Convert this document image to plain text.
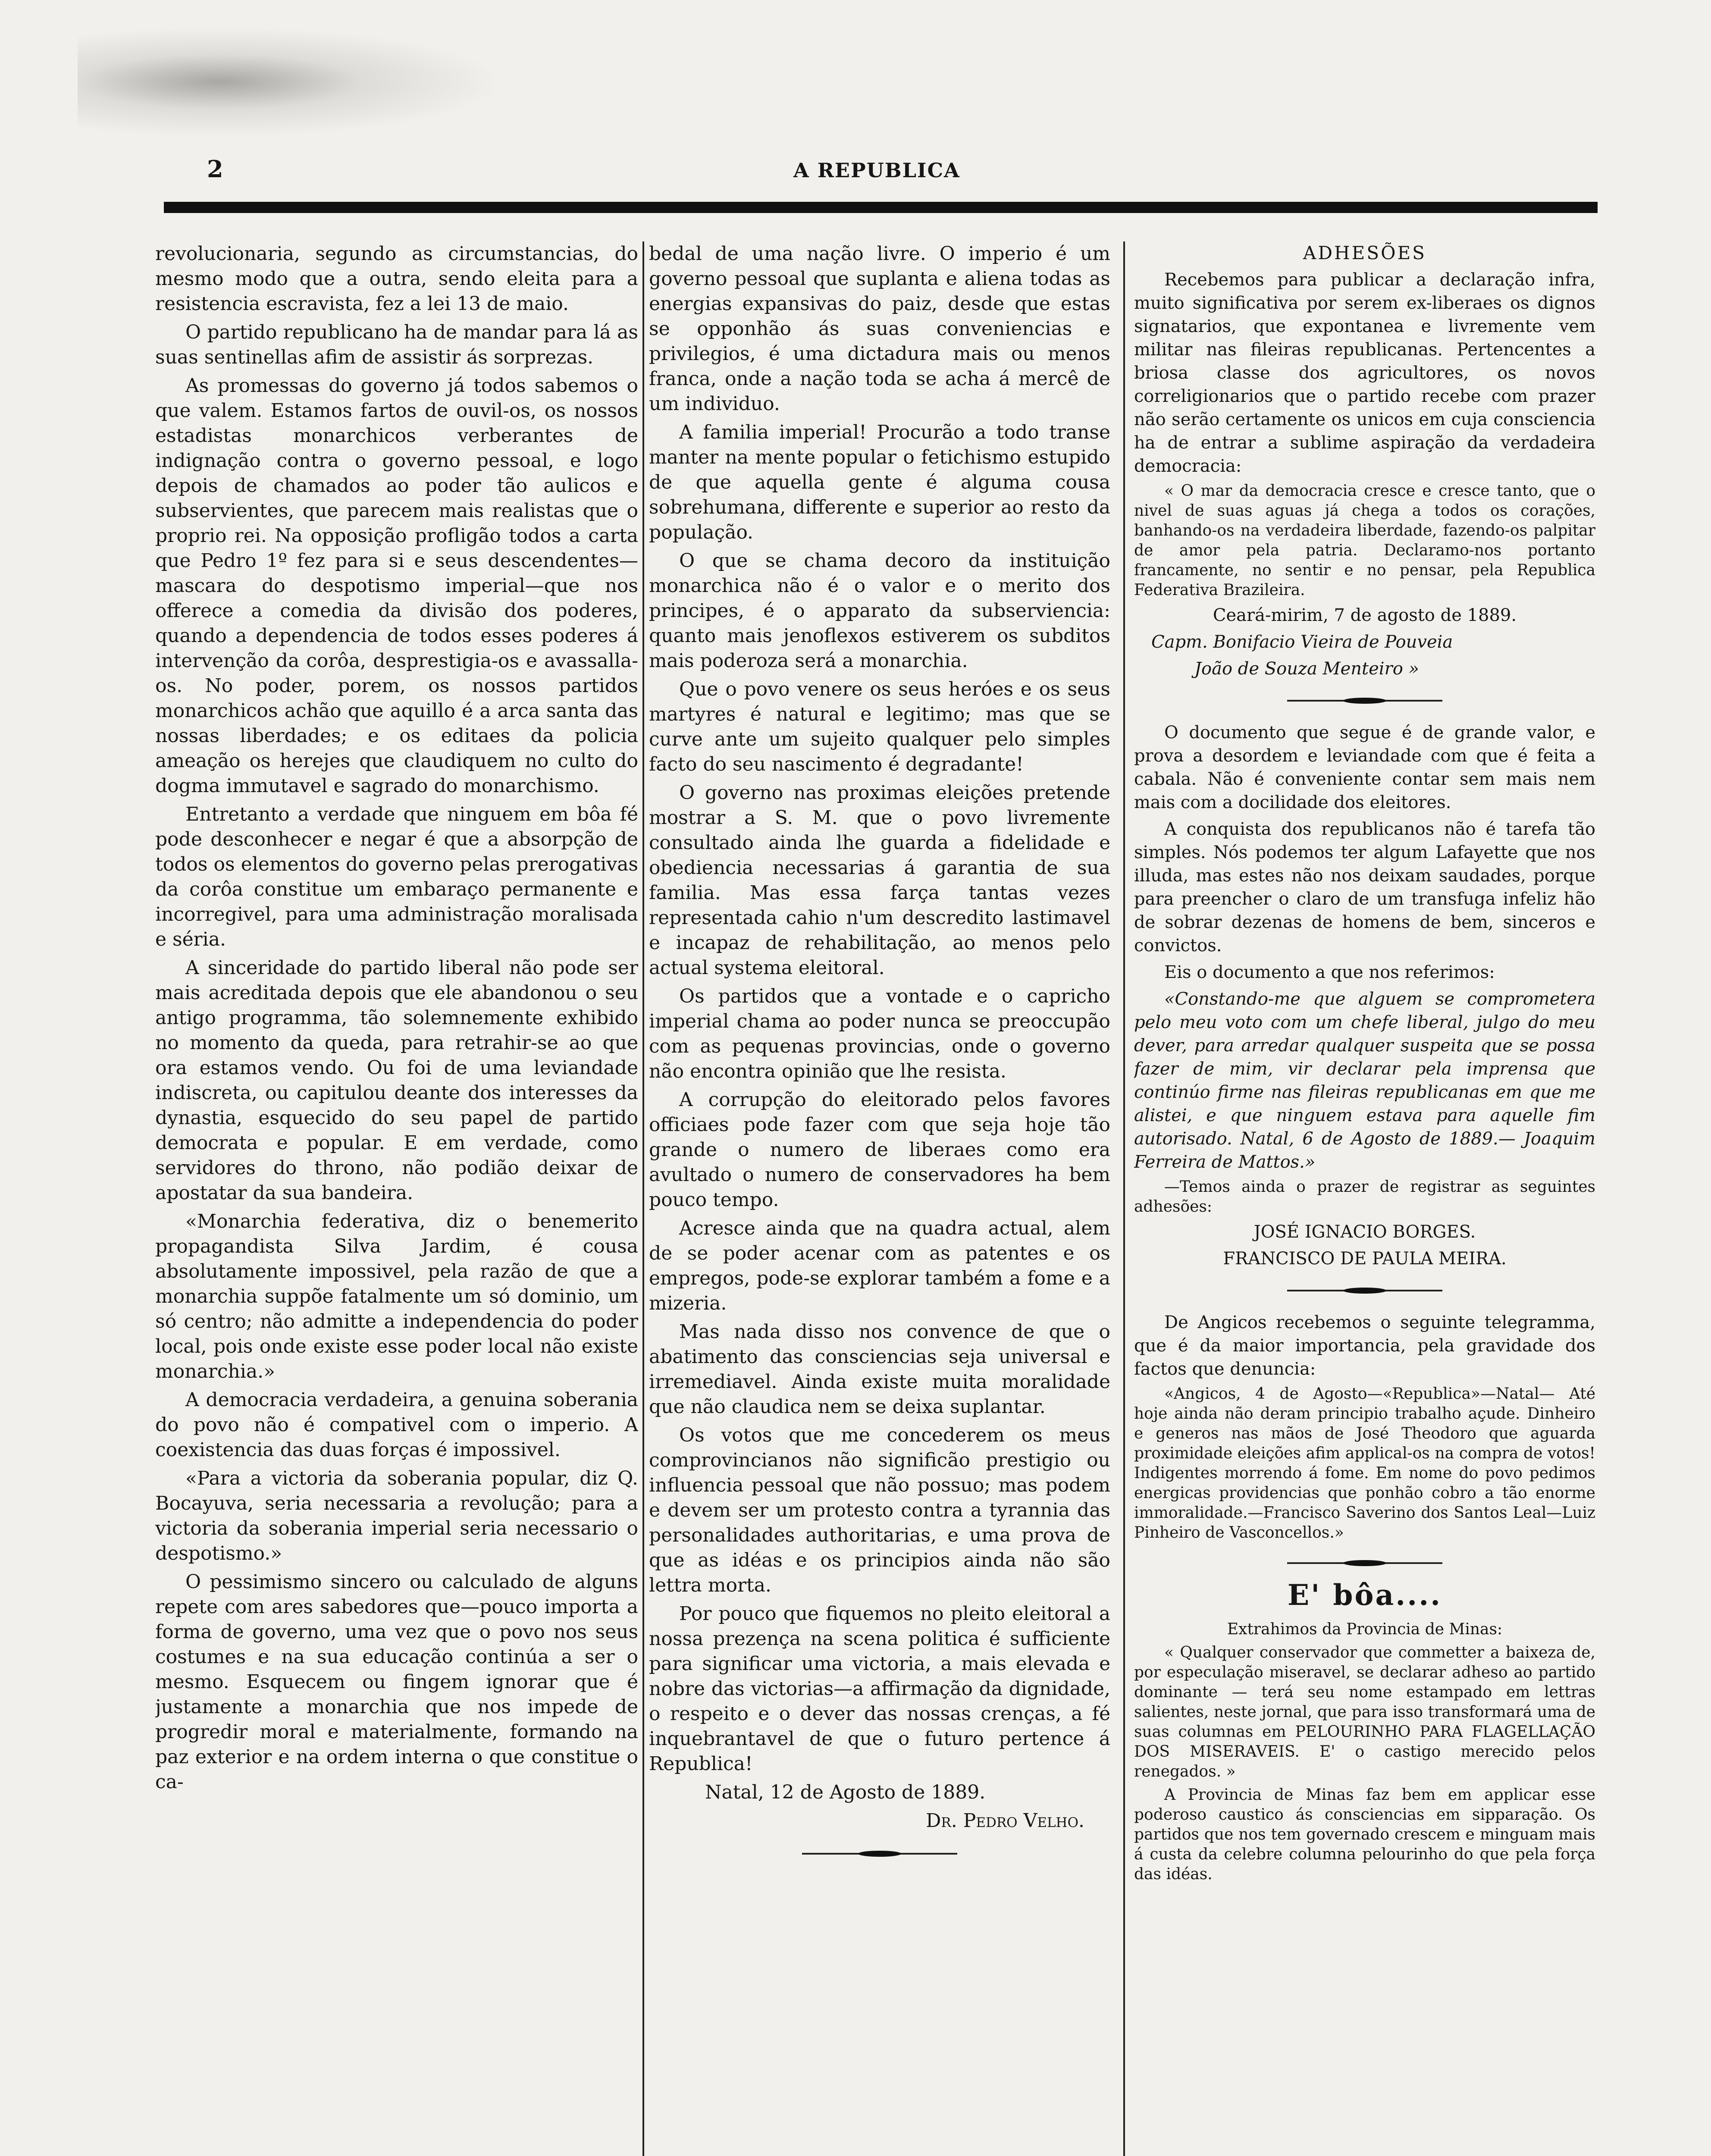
2	A REPUBLICA

revolucionaria, segundo as circumstancias, do mesmo modo que a outra, sendo eleita para a resistencia escravista, fez a lei 13 de maio.

O partido republicano ha de mandar para lá as suas sentinellas afim de assistir ás sorprezas.

As promessas do governo já todos sabemos o que valem. Estamos fartos de ouvil-os, os nossos estadistas monarchicos verberantes de indignação contra o governo pessoal, e logo depois de chamados ao poder tão aulicos e subservientes, que parecem mais realistas que o proprio rei. Na opposição profligão todos a carta que Pedro 1º fez para si e seus descendentes—mascara do despotismo imperial—que nos offerece a comedia da divisão dos poderes, quando a dependencia de todos esses poderes á intervenção da corôa, desprestigia-os e avassalla-os. No poder, porem, os nossos partidos monarchicos achão que aquillo é a arca santa das nossas liberdades; e os editaes da policia ameação os herejes que claudiquem no culto do dogma immutavel e sagrado do monarchismo.

Entretanto a verdade que ninguem em bôa fé pode desconhecer e negar é que a absorpção de todos os elementos do governo pelas prerogativas da corôa constitue um embaraço permanente e incorregivel, para uma administração moralisada e séria.

A sinceridade do partido liberal não pode ser mais acreditada depois que ele abandonou o seu antigo programma, tão solemnemente exhibido no momento da queda, para retrahir-se ao que ora estamos vendo. Ou foi de uma leviandade indiscreta, ou capitulou deante dos interesses da dynastia, esquecido do seu papel de partido democrata e popular. E em verdade, como servidores do throno, não podião deixar de apostatar da sua bandeira.

«Monarchia federativa, diz o benemerito propagandista Silva Jardim, é cousa absolutamente impossivel, pela razão de que a monarchia suppõe fatalmente um só dominio, um só centro; não admitte a independencia do poder local, pois onde existe esse poder local não existe monarchia.»

A democracia verdadeira, a genuina soberania do povo não é compativel com o imperio. A coexistencia das duas forças é impossivel.

«Para a victoria da soberania popular, diz Q. Bocayuva, seria necessaria a revolução; para a victoria da soberania imperial seria necessario o despotismo.»

O pessimismo sincero ou calculado de alguns repete com ares sabedores que—pouco importa a forma de governo, uma vez que o povo nos seus costumes e na sua educação continúa a ser o mesmo. Esquecem ou fingem ignorar que é justamente a monarchia que nos impede de progredir moral e materialmente, formando na paz exterior e na ordem interna o que constitue o ca-

bedal de uma nação livre. O imperio é um governo pessoal que suplanta e aliena todas as energias expansivas do paiz, desde que estas se opponhão ás suas conveniencias e privilegios, é uma dictadura mais ou menos franca, onde a nação toda se acha á mercê de um individuo.

A familia imperial! Procurão a todo transe manter na mente popular o fetichismo estupido de que aquella gente é alguma cousa sobrehumana, differente e superior ao resto da população.

O que se chama decoro da instituição monarchica não é o valor e o merito dos principes, é o apparato da subserviencia: quanto mais jenoflexos estiverem os subditos mais poderoza será a monarchia.

Que o povo venere os seus heróes e os seus martyres é natural e legitimo; mas que se curve ante um sujeito qualquer pelo simples facto do seu nascimento é degradante!

O governo nas proximas eleições pretende mostrar a S. M. que o povo livremente consultado ainda lhe guarda a fidelidade e obediencia necessarias á garantia de sua familia. Mas essa farça tantas vezes representada cahio n'um descredito lastimavel e incapaz de rehabilitação, ao menos pelo actual systema eleitoral.

Os partidos que a vontade e o capricho imperial chama ao poder nunca se preoccupão com as pequenas provincias, onde o governo não encontra opinião que lhe resista.

A corrupção do eleitorado pelos favores officiaes pode fazer com que seja hoje tão grande o numero de liberaes como era avultado o numero de conservadores ha bem pouco tempo.

Acresce ainda que na quadra actual, alem de se poder acenar com as patentes e os empregos, pode-se explorar também a fome e a mizeria.

Mas nada disso nos convence de que o abatimento das consciencias seja universal e irremediavel. Ainda existe muita moralidade que não claudica nem se deixa suplantar.

Os votos que me concederem os meus comprovincianos não significão prestigio ou influencia pessoal que não possuo; mas podem e devem ser um protesto contra a tyrannia das personalidades authoritarias, e uma prova de que as idéas e os principios ainda não são lettra morta.

Por pouco que fiquemos no pleito eleitoral a nossa prezença na scena politica é sufficiente para significar uma victoria, a mais elevada e nobre das victorias—a affirmação da dignidade, o respeito e o dever das nossas crenças, a fé inquebrantavel de que o futuro pertence á Republica!

Natal, 12 de Agosto de 1889.

Dr. Pedro Velho.

ADHESÕES

Recebemos para publicar a declaração infra, muito significativa por serem ex-liberaes os dignos signatarios, que expontanea e livremente vem militar nas fileiras republicanas. Pertencentes a briosa classe dos agricultores, os novos correligionarios que o partido recebe com prazer não serão certamente os unicos em cuja consciencia ha de entrar a sublime aspiração da verdadeira democracia:

« O mar da democracia cresce e cresce tanto, que o nivel de suas aguas já chega a todos os corações, banhando-os na verdadeira liberdade, fazendo-os palpitar de amor pela patria. Declaramo-nos portanto francamente, no sentir e no pensar, pela Republica Federativa Brazileira.

Ceará-mirim, 7 de agosto de 1889.

Capm. Bonifacio Vieira de Pouveia

João de Souza Menteiro »

O documento que segue é de grande valor, e prova a desordem e leviandade com que é feita a cabala. Não é conveniente contar sem mais nem mais com a docilidade dos eleitores.

A conquista dos republicanos não é tarefa tão simples. Nós podemos ter algum Lafayette que nos illuda, mas estes não nos deixam saudades, porque para preencher o claro de um transfuga infeliz hão de sobrar dezenas de homens de bem, sinceros e convictos.

Eis o documento a que nos referimos:

«Constando-me que alguem se comprometera pelo meu voto com um chefe liberal, julgo do meu dever, para arredar qualquer suspeita que se possa fazer de mim, vir declarar pela imprensa que continúo firme nas fileiras republicanas em que me alistei, e que ninguem estava para aquelle fim autorisado. Natal, 6 de Agosto de 1889.— Joaquim Ferreira de Mattos.»

—Temos ainda o prazer de registrar as seguintes adhesões:

JOSÉ IGNACIO BORGES.

FRANCISCO DE PAULA MEIRA.

De Angicos recebemos o seguinte telegramma, que é da maior importancia, pela gravidade dos factos que denuncia:

«Angicos, 4 de Agosto—«Republica»—Natal— Até hoje ainda não deram principio trabalho açude. Dinheiro e generos nas mãos de José Theodoro que aguarda proximidade eleições afim applical-os na compra de votos! Indigentes morrendo á fome. Em nome do povo pedimos energicas providencias que ponhão cobro a tão enorme immoralidade.—Francisco Saverino dos Santos Leal—Luiz Pinheiro de Vasconcellos.»

E' bôa....

Extrahimos da Provincia de Minas:

« Qualquer conservador que commetter a baixeza de, por especulação miseravel, se declarar adheso ao partido dominante — terá seu nome estampado em lettras salientes, neste jornal, que para isso transformará uma de suas columnas em PELOURINHO PARA FLAGELLAÇÃO DOS MISERAVEIS. E' o castigo merecido pelos renegados. »

A Provincia de Minas faz bem em applicar esse poderoso caustico ás consciencias em sipparação. Os partidos que nos tem governado crescem e minguam mais á custa da celebre columna pelourinho do que pela força das idéas.
